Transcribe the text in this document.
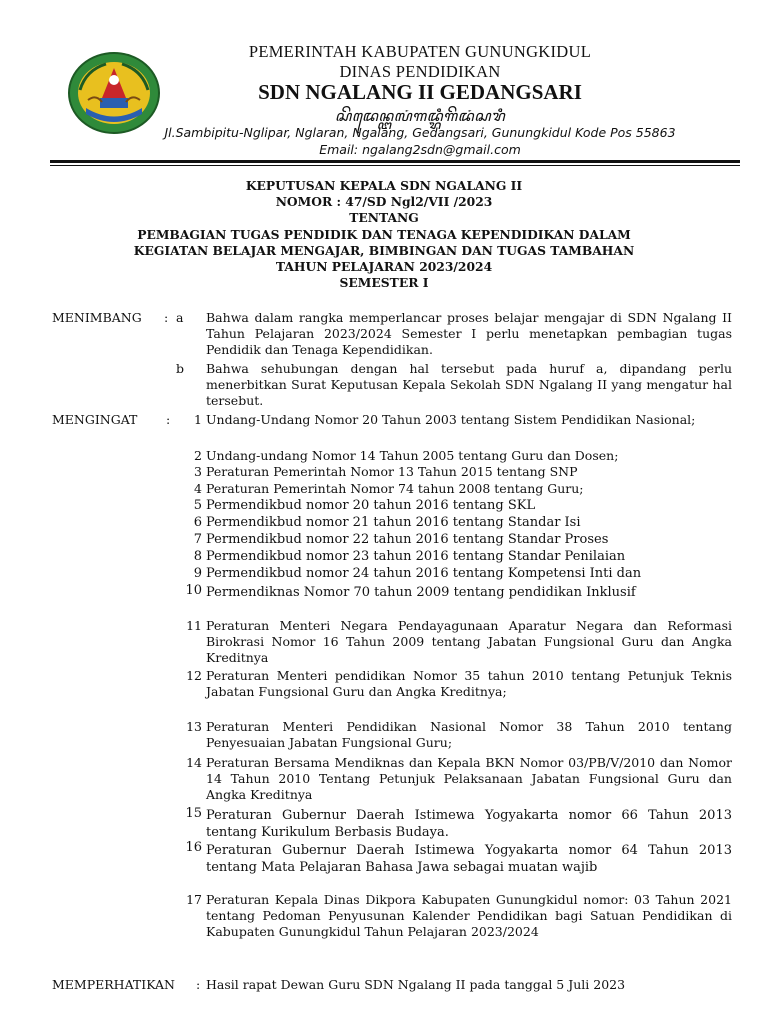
PEMERINTAH KABUPATEN GUNUNGKIDUL
DINAS PENDIDIKAN
SDN NGALANG II GEDANGSARI
ꦱꦼꦢꦺꦤ꧀ꦔꦭꦁꦒꦢ꧀ꦫꦶꦒꦼꦢꦁꦱꦫꦶ
Jl.Sambipitu-Nglipar, Nglaran, Ngalang, Gedangsari, Gunungkidul Kode Pos 55863
Email: ngalang2sdn@gmail.com
KEPUTUSAN KEPALA SDN NGALANG II
NOMOR : 47/SD Ngl2/VII /2023
TENTANG
PEMBAGIAN TUGAS PENDIDIK DAN TENAGA KEPENDIDIKAN DALAM
KEGIATAN BELAJAR MENGAJAR, BIMBINGAN DAN TUGAS TAMBAHAN
TAHUN PELAJARAN 2023/2024
SEMESTER I
MENIMBANG : a Bahwa dalam rangka memperlancar proses belajar mengajar di SDN Ngalang II Tahun Pelajaran 2023/2024 Semester I perlu menetapkan pembagian tugas Pendidik dan Tenaga Kependidikan.
b Bahwa sehubungan dengan hal tersebut pada huruf a, dipandang perlu menerbitkan Surat Keputusan Kepala Sekolah SDN Ngalang II yang mengatur hal tersebut.
MENGINGAT :	1 Undang-Undang Nomor 20 Tahun 2003 tentang Sistem Pendidikan Nasional;
2 Undang-undang Nomor 14 Tahun 2005 tentang Guru dan Dosen;
3 Peraturan Pemerintah Nomor 13 Tahun 2015 tentang SNP
4 Peraturan Pemerintah Nomor 74 tahun 2008 tentang Guru;
5 Permendikbud nomor 20 tahun 2016 tentang SKL
6 Permendikbud nomor 21 tahun 2016 tentang Standar Isi
7 Permendikbud nomor 22 tahun 2016 tentang Standar Proses
8 Permendikbud nomor 23 tahun 2016 tentang Standar Penilaian
9 Permendikbud nomor 24 tahun 2016 tentang Kompetensi Inti dan
10 Permendiknas Nomor 70 tahun 2009 tentang pendidikan Inklusif
11 Peraturan Menteri Negara Pendayagunaan Aparatur Negara dan Reformasi Birokrasi Nomor 16 Tahun 2009 tentang Jabatan Fungsional Guru dan Angka Kreditnya
12 Peraturan Menteri pendidikan Nomor 35 tahun 2010 tentang Petunjuk Teknis Jabatan Fungsional Guru dan Angka Kreditnya;
13 Peraturan Menteri Pendidikan Nasional Nomor 38 Tahun 2010 tentang Penyesuaian Jabatan Fungsional Guru;
14 Peraturan Bersama Mendiknas dan Kepala BKN Nomor 03/PB/V/2010 dan Nomor 14 Tahun 2010 Tentang Petunjuk Pelaksanaan Jabatan Fungsional Guru dan Angka Kreditnya
15 Peraturan Gubernur Daerah Istimewa Yogyakarta nomor 66 Tahun 2013 tentang Kurikulum Berbasis Budaya.
16 Peraturan Gubernur Daerah Istimewa Yogyakarta nomor 64 Tahun 2013 tentang Mata Pelajaran Bahasa Jawa sebagai muatan wajib
17 Peraturan Kepala Dinas Dikpora Kabupaten Gunungkidul nomor: 03 Tahun 2021 tentang Pedoman Penyusunan Kalender Pendidikan bagi Satuan Pendidikan di Kabupaten Gunungkidul Tahun Pelajaran 2023/2024
MEMPERHATIKAN : Hasil rapat Dewan Guru SDN Ngalang II pada tanggal 5 Juli 2023
